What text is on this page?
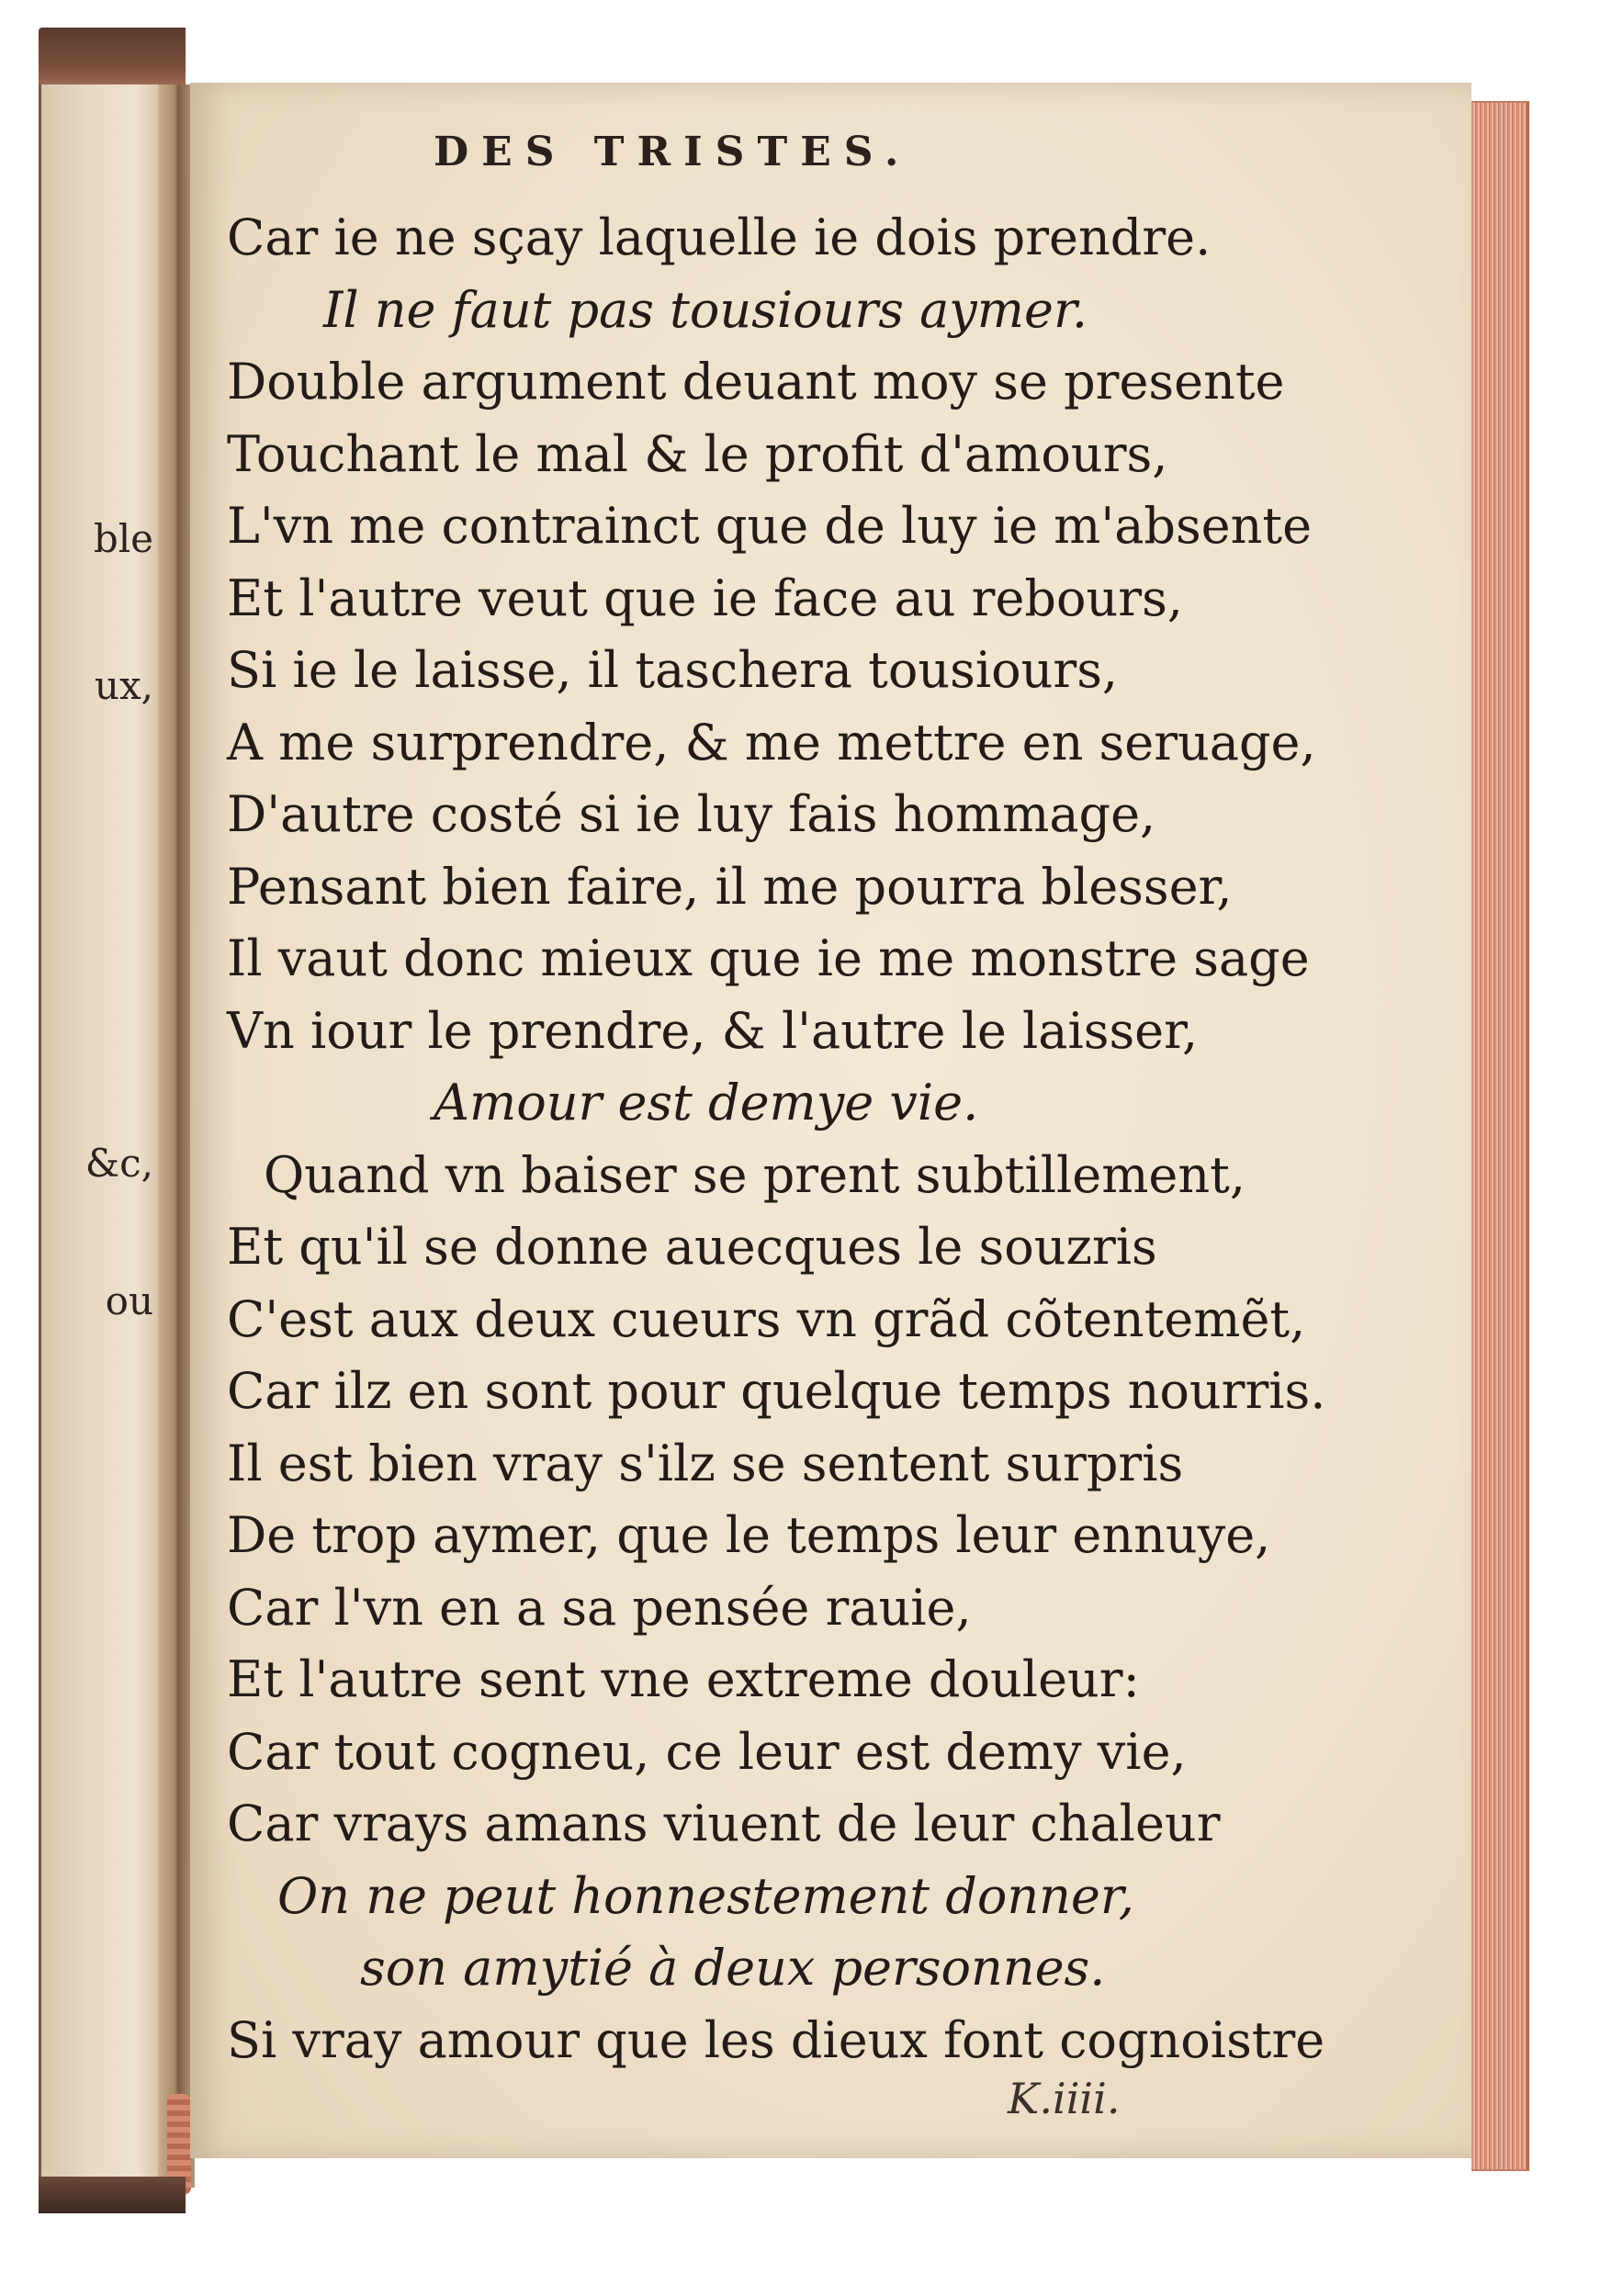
ble
ux,
&c,
ou
DES TRISTES.
Car ie ne sçay laquelle ie dois prendre.
Il ne faut pas tousiours aymer.
Double argument deuant moy se presente
Touchant le mal & le profit d'amours,
L'vn me contrainct que de luy ie m'absente
Et l'autre veut que ie face au rebours,
Si ie le laisse, il taschera tousiours,
A me surprendre, & me mettre en seruage,
D'autre costé si ie luy fais hommage,
Pensant bien faire, il me pourra blesser,
Il vaut donc mieux que ie me monstre sage
Vn iour le prendre, & l'autre le laisser,
Amour est demye vie.
Quand vn baiser se prent subtillement,
Et qu'il se donne auecques le souzris
C'est aux deux cueurs vn grãd cõtentemẽt,
Car ilz en sont pour quelque temps nourris.
Il est bien vray s'ilz se sentent surpris
De trop aymer, que le temps leur ennuye,
Car l'vn en a sa pensée rauie,
Et l'autre sent vne extreme douleur:
Car tout cogneu, ce leur est demy vie,
Car vrays amans viuent de leur chaleur
On ne peut honnestement donner,
son amytié à deux personnes.
Si vray amour que les dieux font cognoistre
K.iiii.
